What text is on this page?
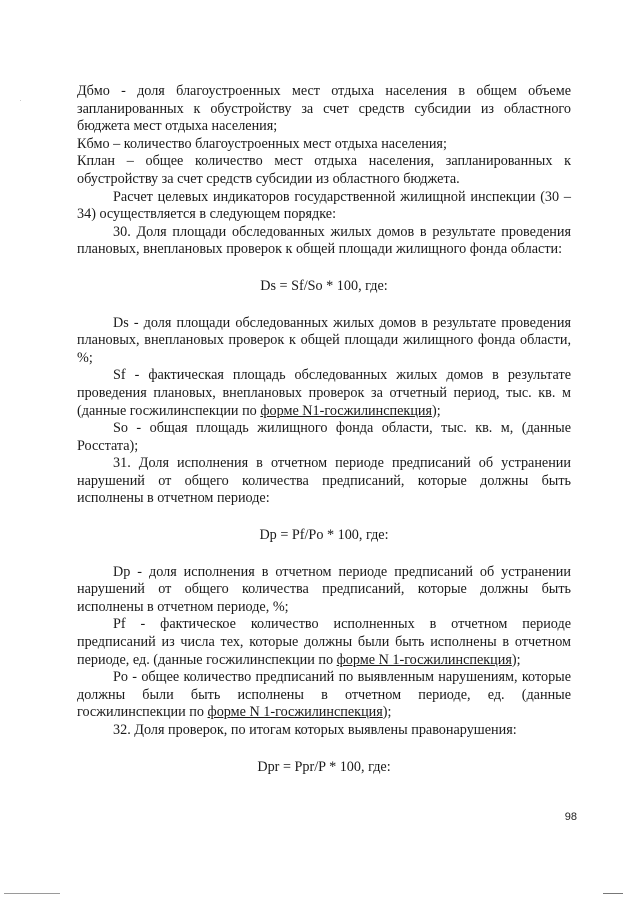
Дбмо - доля благоустроенных мест отдыха населения в общем объеме запланированных к обустройству за счет средств субсидии из областного бюджета мест отдыха населения;

Кбмо – количество благоустроенных мест отдыха населения;

Кплан – общее количество мест отдыха населения, запланированных к обустройству за счет средств субсидии из областного бюджета.

Расчет целевых индикаторов государственной жилищной инспекции (30 – 34) осуществляется в следующем порядке:

30. Доля площади обследованных жилых домов в результате проведения плановых, внеплановых проверок к общей площади жилищного фонда области:

Ds = Sf/So * 100, где:

Ds - доля площади обследованных жилых домов в результате проведения плановых, внеплановых проверок к общей площади жилищного фонда области, %;

Sf - фактическая площадь обследованных жилых домов в результате проведения плановых, внеплановых проверок за отчетный период, тыс. кв. м (данные госжилинспекции по форме N1-госжилинспекция);

So - общая площадь жилищного фонда области, тыс. кв. м, (данные Росстата);

31. Доля исполнения в отчетном периоде предписаний об устранении нарушений от общего количества предписаний, которые должны быть исполнены в отчетном периоде:

Dp = Pf/Po * 100, где:

Dp - доля исполнения в отчетном периоде предписаний об устранении нарушений от общего количества предписаний, которые должны быть исполнены в отчетном периоде, %;

Pf - фактическое количество исполненных в отчетном периоде предписаний из числа тех, которые должны были быть исполнены в отчетном периоде, ед. (данные госжилинспекции по форме N 1-госжилинспекция);

Po - общее количество предписаний по выявленным нарушениям, которые должны были быть исполнены в отчетном периоде, ед. (данные госжилинспекции по форме N 1-госжилинспекция);

32. Доля проверок, по итогам которых выявлены правонарушения:

Dpr = Ppr/P * 100, где:

98
